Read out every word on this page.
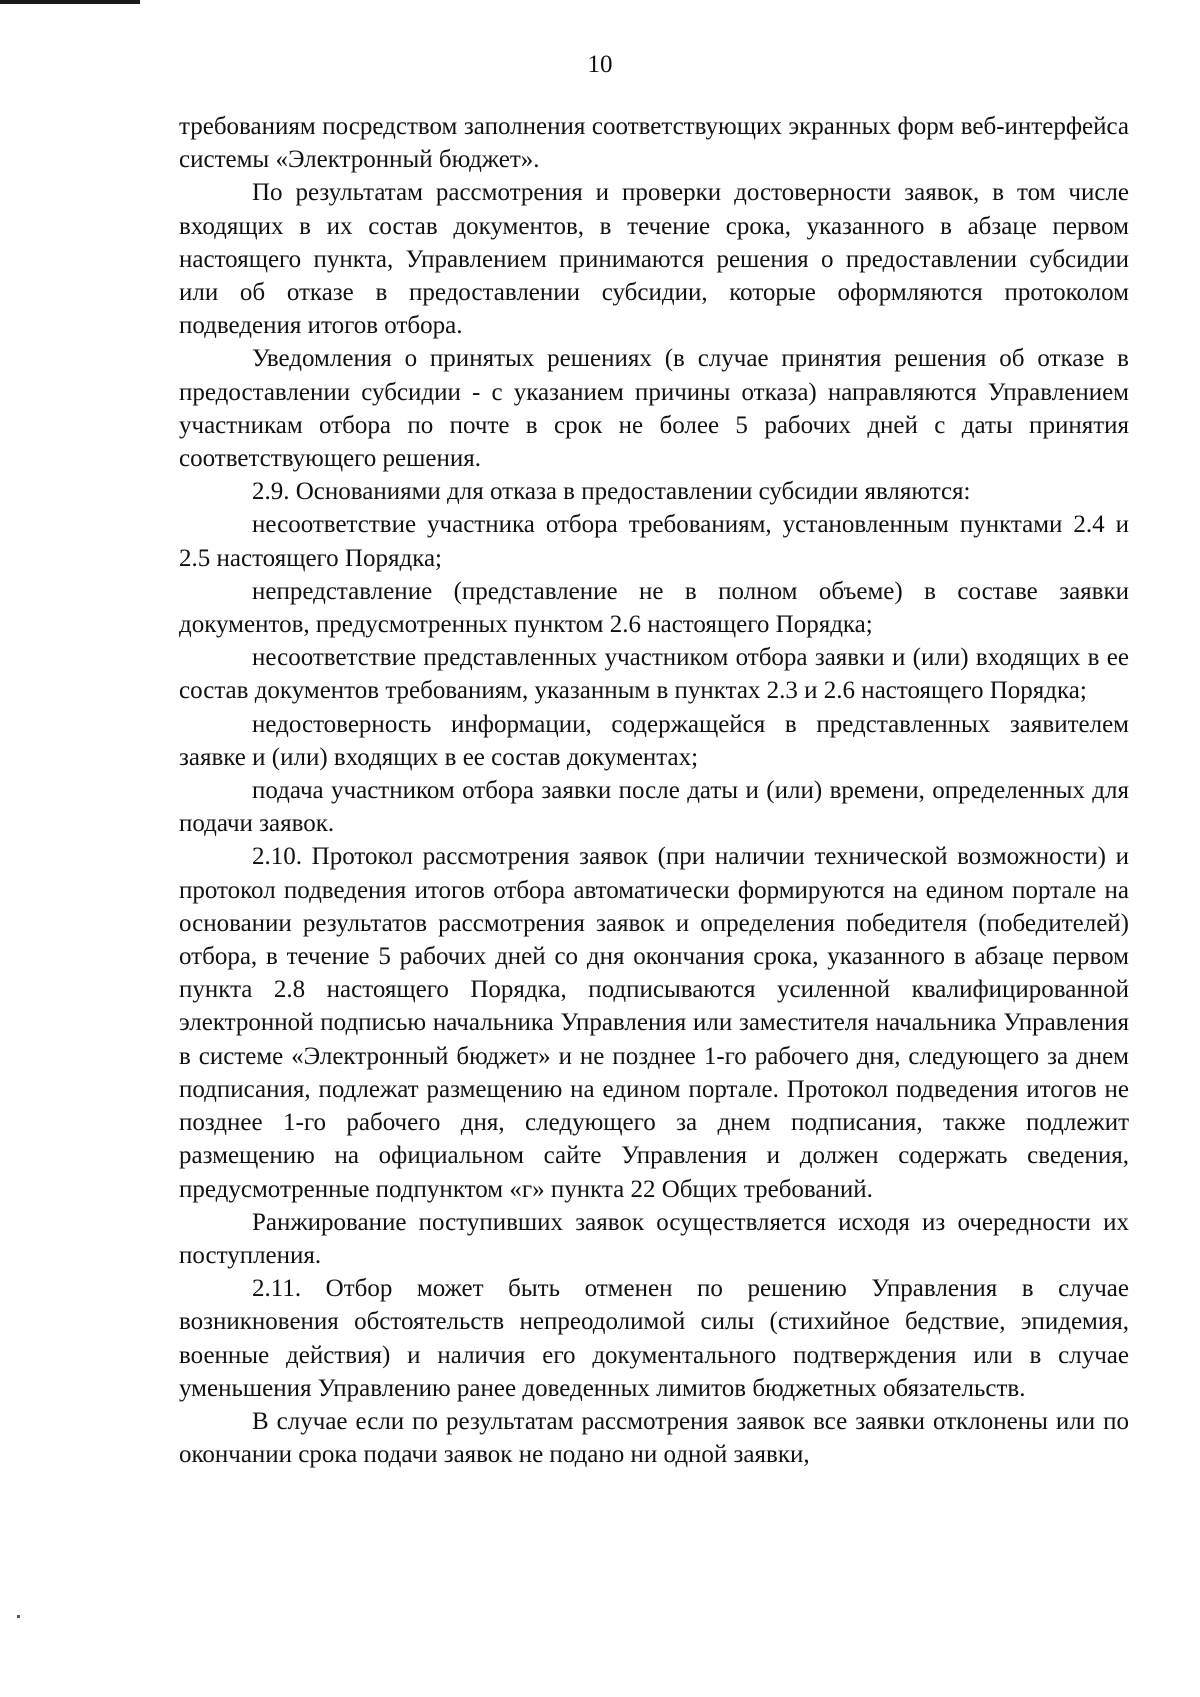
10

требованиям посредством заполнения соответствующих экранных форм веб-интерфейса системы «Электронный бюджет».

По результатам рассмотрения и проверки достоверности заявок, в том числе входящих в их состав документов, в течение срока, указанного в абзаце первом настоящего пункта, Управлением принимаются решения о предоставлении субсидии или об отказе в предоставлении субсидии, которые оформляются протоколом подведения итогов отбора.

Уведомления о принятых решениях (в случае принятия решения об отказе в предоставлении субсидии - с указанием причины отказа) направляются Управлением участникам отбора по почте в срок не более 5 рабочих дней с даты принятия соответствующего решения.

2.9. Основаниями для отказа в предоставлении субсидии являются:

несоответствие участника отбора требованиям, установленным пунктами 2.4 и 2.5 настоящего Порядка;

непредставление (представление не в полном объеме) в составе заявки документов, предусмотренных пунктом 2.6 настоящего Порядка;

несоответствие представленных участником отбора заявки и (или) входящих в ее состав документов требованиям, указанным в пунктах 2.3 и 2.6 настоящего Порядка;

недостоверность информации, содержащейся в представленных заявителем заявке и (или) входящих в ее состав документах;

подача участником отбора заявки после даты и (или) времени, определенных для подачи заявок.

2.10. Протокол рассмотрения заявок (при наличии технической возможности) и протокол подведения итогов отбора автоматически формируются на едином портале на основании результатов рассмотрения заявок и определения победителя (победителей) отбора, в течение 5 рабочих дней со дня окончания срока, указанного в абзаце первом пункта 2.8 настоящего Порядка, подписываются усиленной квалифицированной электронной подписью начальника Управления или заместителя начальника Управления в системе «Электронный бюджет» и не позднее 1-го рабочего дня, следующего за днем подписания, подлежат размещению на едином портале. Протокол подведения итогов не позднее 1-го рабочего дня, следующего за днем подписания, также подлежит размещению на официальном сайте Управления и должен содержать сведения, предусмотренные подпунктом «г» пункта 22 Общих требований.

Ранжирование поступивших заявок осуществляется исходя из очередности их поступления.

2.11. Отбор может быть отменен по решению Управления в случае возникновения обстоятельств непреодолимой силы (стихийное бедствие, эпидемия, военные действия) и наличия его документального подтверждения или в случае уменьшения Управлению ранее доведенных лимитов бюджетных обязательств.

В случае если по результатам рассмотрения заявок все заявки отклонены или по окончании срока подачи заявок не подано ни одной заявки,
